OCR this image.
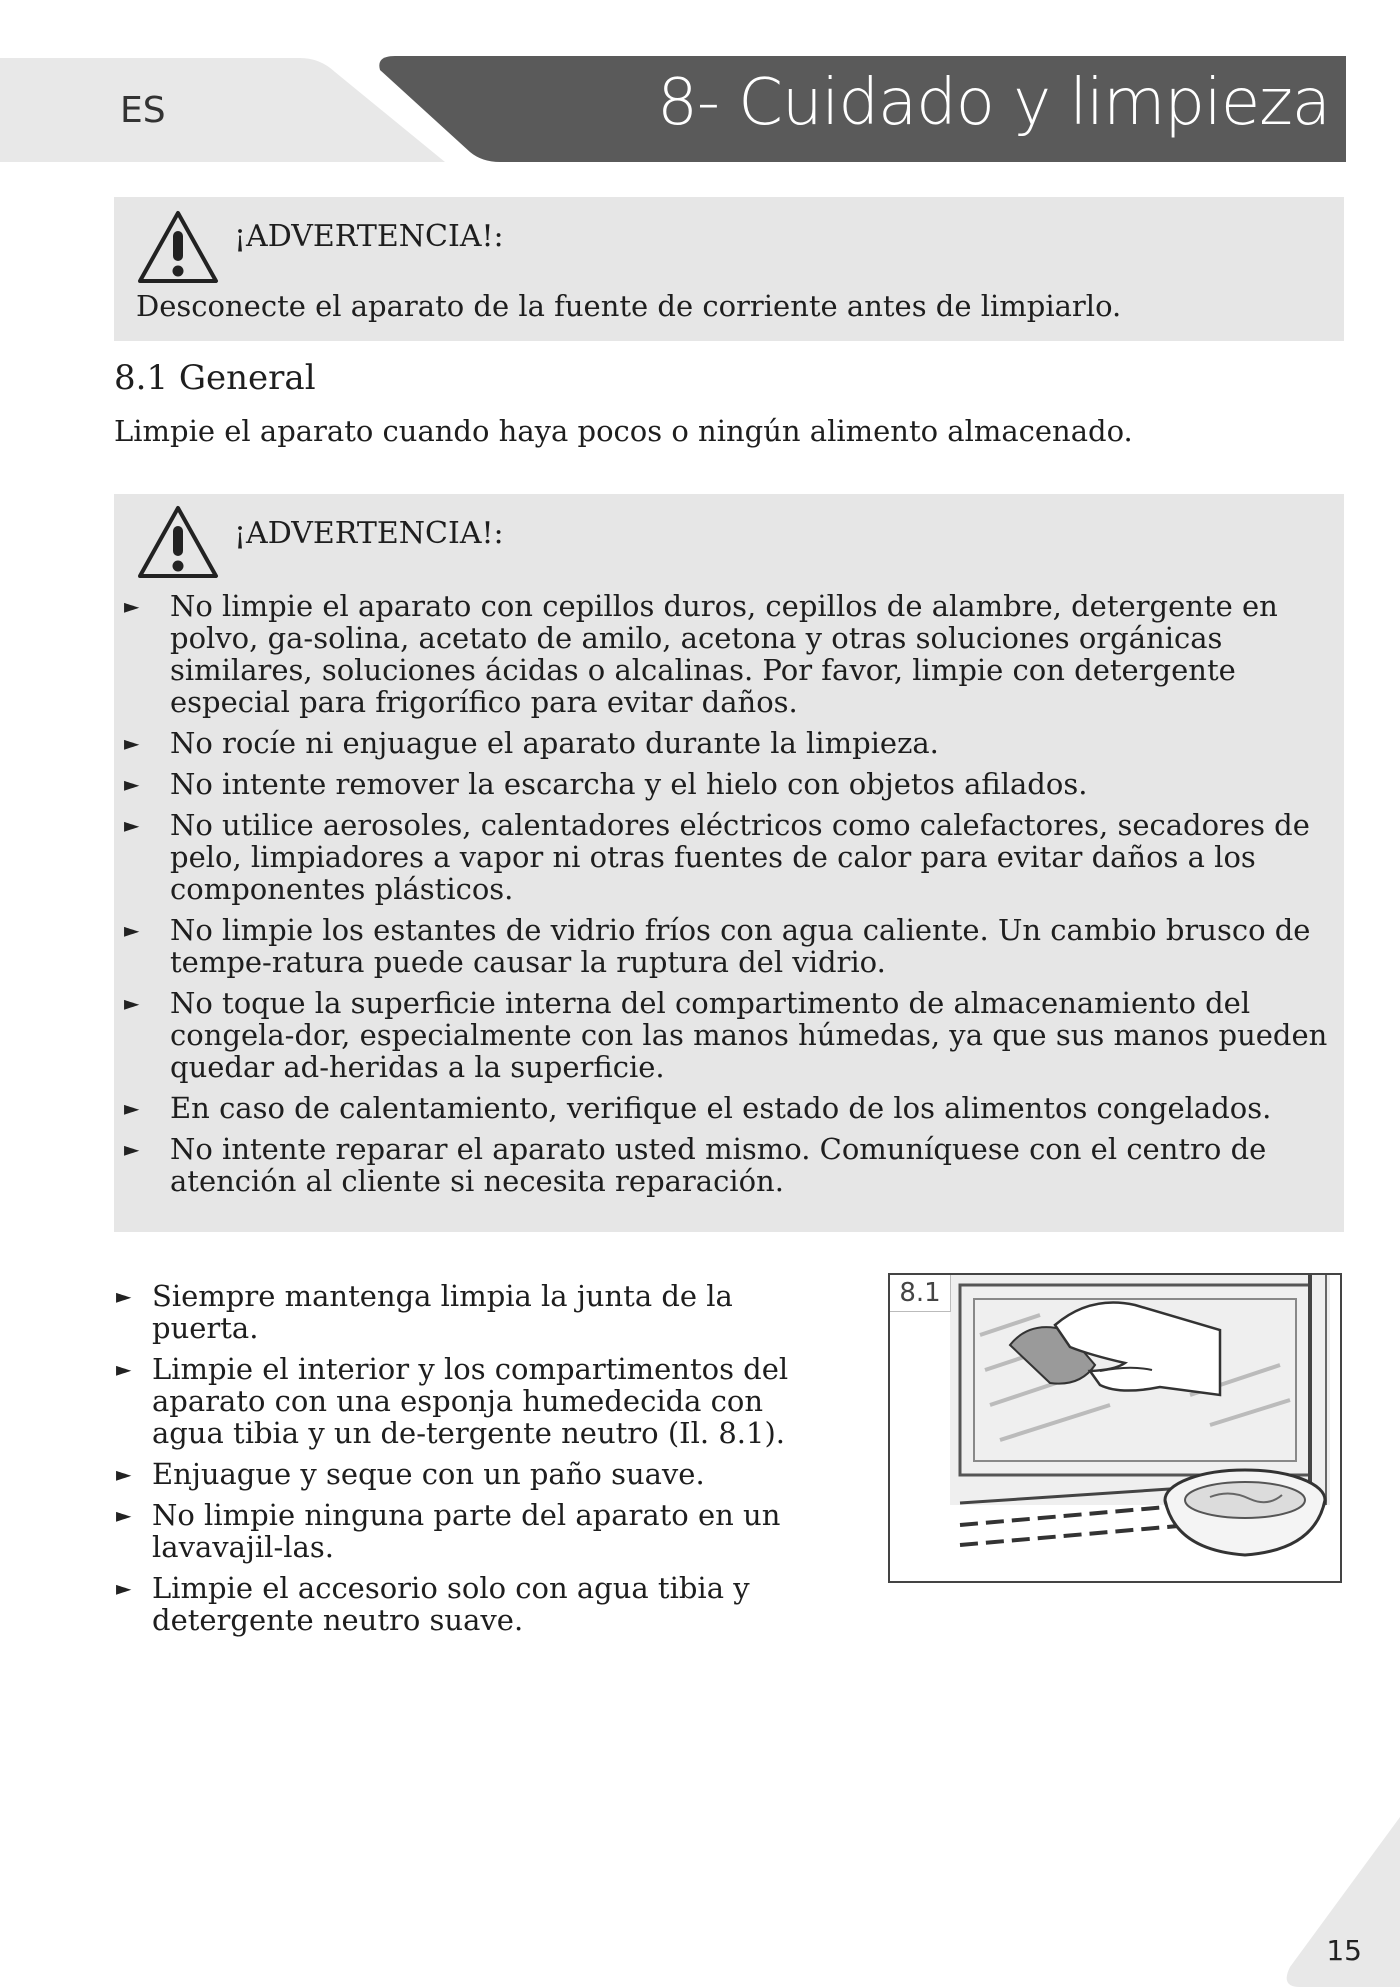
ES	8- Cuidado y limpieza
¡ADVERTENCIA!:
Desconecte el aparato de la fuente de corriente antes de limpiarlo.
8.1 General
Limpie el aparato cuando haya pocos o ningún alimento almacenado.
¡ADVERTENCIA!:
► No limpie el aparato con cepillos duros, cepillos de alambre, detergente en polvo, ga-solina, acetato de amilo, acetona y otras soluciones orgánicas similares, soluciones ácidas o alcalinas. Por favor, limpie con detergente especial para frigorífico para evitar daños.
► No rocíe ni enjuague el aparato durante la limpieza.
► No intente remover la escarcha y el hielo con objetos afilados.
► No utilice aerosoles, calentadores eléctricos como calefactores, secadores de pelo, limpiadores a vapor ni otras fuentes de calor para evitar daños a los componentes plásticos.
► No limpie los estantes de vidrio fríos con agua caliente. Un cambio brusco de tempe-ratura puede causar la ruptura del vidrio.
► No toque la superficie interna del compartimento de almacenamiento del congela-dor, especialmente con las manos húmedas, ya que sus manos pueden quedar ad-heridas a la superficie.
► En caso de calentamiento, verifique el estado de los alimentos congelados.
► No intente reparar el aparato usted mismo. Comuníquese con el centro de atención al cliente si necesita reparación.
► Siempre mantenga limpia la junta de la puerta.
► Limpie el interior y los compartimentos del aparato con una esponja humedecida con agua tibia y un de-tergente neutro (Il. 8.1).
► Enjuague y seque con un paño suave.
► No limpie ninguna parte del aparato en un lavavajil-las.
► Limpie el accesorio solo con agua tibia y detergente neutro suave.
8.1
15
